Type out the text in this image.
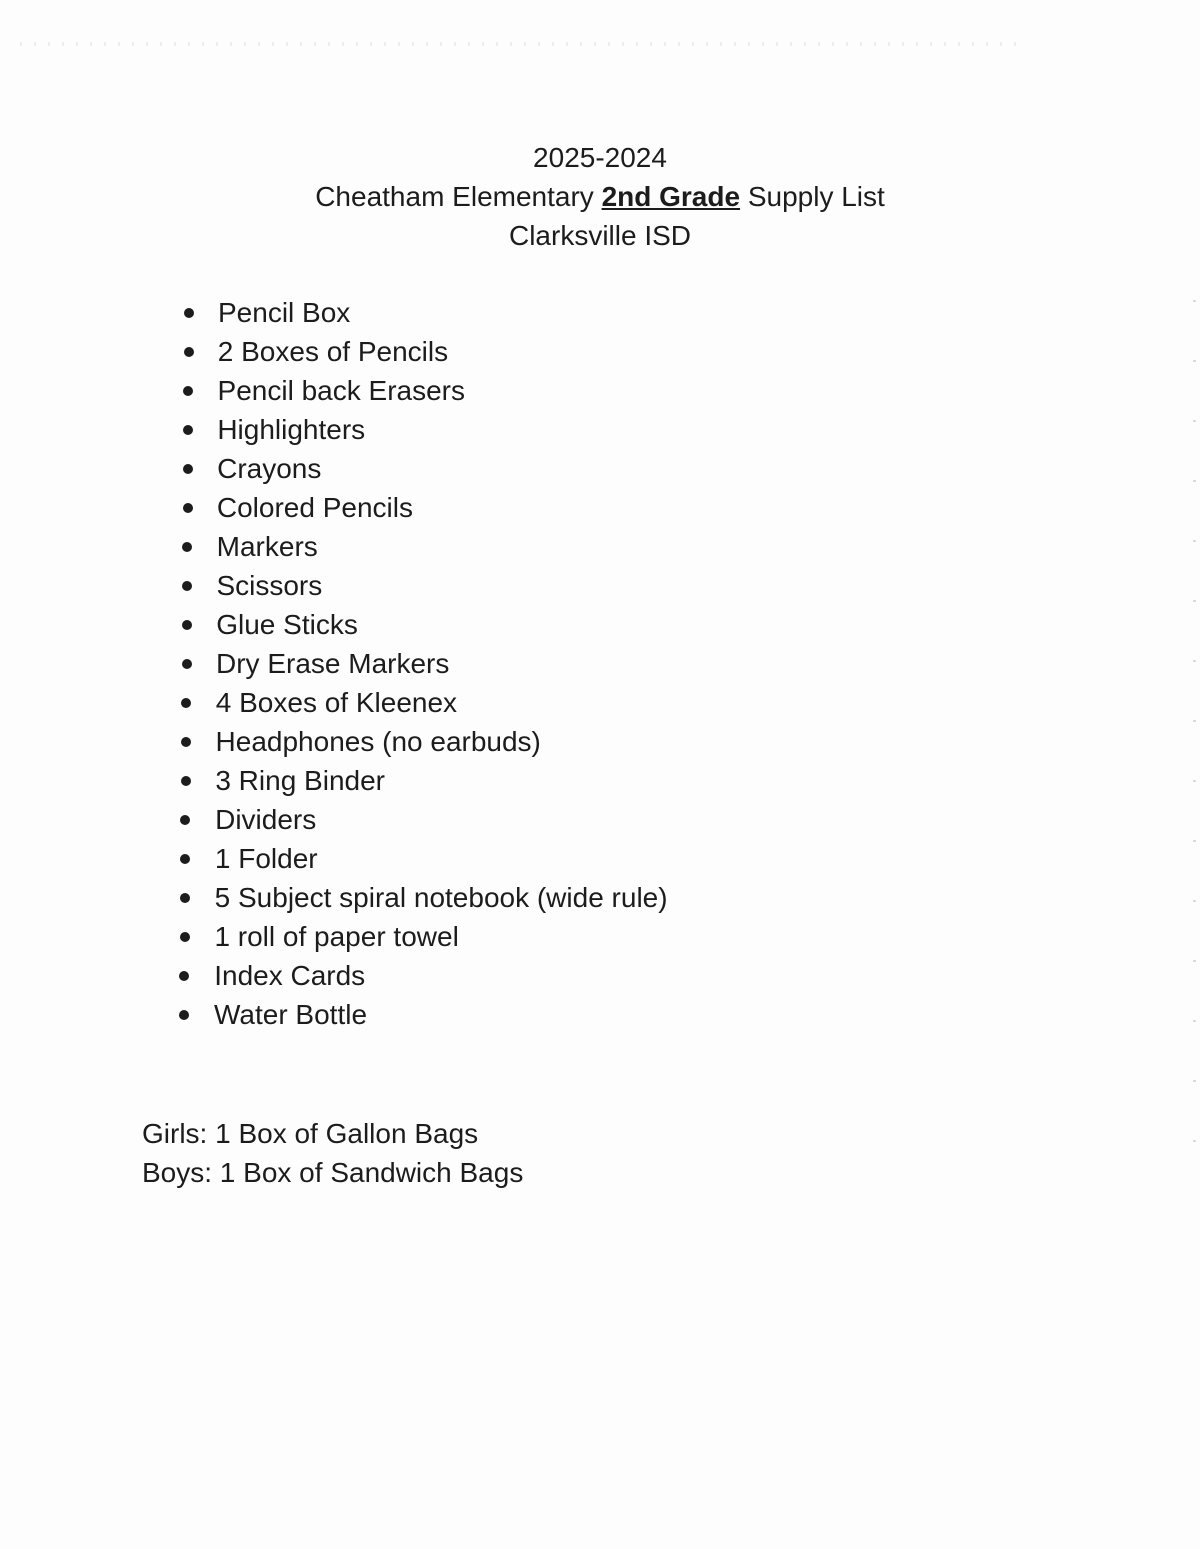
2025-2024
Cheatham Elementary 2nd Grade Supply List
Clarksville ISD
Pencil Box
2 Boxes of Pencils
Pencil back Erasers
Highlighters
Crayons
Colored Pencils
Markers
Scissors
Glue Sticks
Dry Erase Markers
4 Boxes of Kleenex
Headphones (no earbuds)
3 Ring Binder
Dividers
1 Folder
5 Subject spiral notebook (wide rule)
1 roll of paper towel
Index Cards
Water Bottle
Girls: 1 Box of Gallon Bags
Boys: 1 Box of Sandwich Bags
